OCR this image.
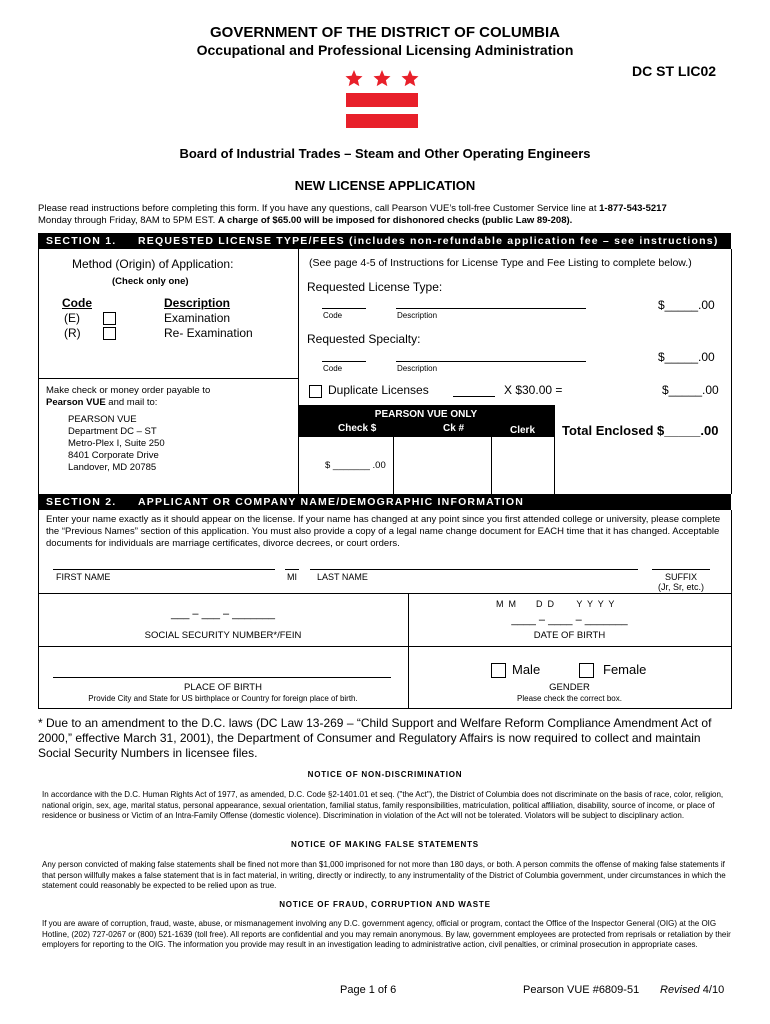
GOVERNMENT OF THE DISTRICT OF COLUMBIA
Occupational and Professional Licensing Administration
DC ST LIC02
Board of Industrial Trades – Steam and Other Operating Engineers
NEW LICENSE APPLICATION
Please read instructions before completing this form. If you have any questions, call Pearson VUE’s toll-free Customer Service line at 1-877-543-5217
Monday through Friday, 8AM to 5PM EST. A charge of $65.00 will be imposed for dishonored checks (public Law 89-208).
SECTION 1. REQUESTED LICENSE TYPE/FEES (includes non-refundable application fee – see instructions)
Method (Origin) of Application:
(Check only one)
Code	Description
(E)	Examination
(R)	Re- Examination
Make check or money order payable to
Pearson VUE and mail to:
PEARSON VUE
Department DC – ST
Metro-Plex I, Suite 250
8401 Corporate Drive
Landover, MD 20785
(See page 4-5 of Instructions for License Type and Fee Listing to complete below.)
Requested License Type:
Code	Description
$_____.00
Requested Specialty:
Code	Description
$_____.00
Duplicate Licenses	X $30.00 =	$_____.00
PEARSON VUE ONLY
Check $	Ck #	Clerk
$ _______ .00
Total Enclosed $_____.00
SECTION 2. APPLICANT OR COMPANY NAME/DEMOGRAPHIC INFORMATION
Enter your name exactly as it should appear on the license. If your name has changed at any point since you first attended college or university, please complete the “Previous Names” section of this application. You must also provide a copy of a legal name change document for EACH time that it has changed. Acceptable documents for individuals are marriage certificates, divorce decrees, or court orders.
FIRST NAME	MI LAST NAME	SUFFIX
(Jr, Sr, etc.)
___ – ___ – _______
SOCIAL SECURITY NUMBER*/FEIN
M  M        D  D         Y  Y  Y  Y
____ – ____ – _______
DATE OF BIRTH
PLACE OF BIRTH
Provide City and State for US birthplace or Country for foreign place of birth.
Male	Female
GENDER
Please check the correct box.
* Due to an amendment to the D.C. laws (DC Law 13-269 – “Child Support and Welfare Reform Compliance Amendment Act of 2000,” effective March 31, 2001), the Department of Consumer and Regulatory Affairs is now required to collect and maintain Social Security Numbers in licensee files.
NOTICE OF NON-DISCRIMINATION
In accordance with the D.C. Human Rights Act of 1977, as amended, D.C. Code §2-1401.01 et seq. ("the Act"), the District of Columbia does not discriminate on the basis of race, color, religion, national origin, sex, age, marital status, personal appearance, sexual orientation, familial status, family responsibilities, matriculation, political affiliation, disability, source of income, or place of residence or business or Victim of an Intra-Family Offense (domestic violence). Discrimination in violation of the Act will not be tolerated. Violators will be subject to disciplinary action.
NOTICE OF MAKING FALSE STATEMENTS
Any person convicted of making false statements shall be fined not more than $1,000 imprisoned for not more than 180 days, or both. A person commits the offense of making false statements if that person willfully makes a false statement that is in fact material, in writing, directly or indirectly, to any instrumentality of the District of Columbia government, under circumstances in which the statement could reasonably be expected to be relied upon as true.
NOTICE OF FRAUD, CORRUPTION AND WASTE
If you are aware of corruption, fraud, waste, abuse, or mismanagement involving any D.C. government agency, official or program, contact the Office of the Inspector General (OIG) at the OIG Hotline, (202) 727-0267 or (800) 521-1639 (toll free). All reports are confidential and you may remain anonymous. By law, government employees are protected from reprisals or retaliation by their employers for reporting to the OIG. The information you provide may result in an investigation leading to administrative action, civil penalties, or criminal prosecution in appropriate cases.
Page 1 of 6	Pearson VUE #6809-51 Revised 4/10
